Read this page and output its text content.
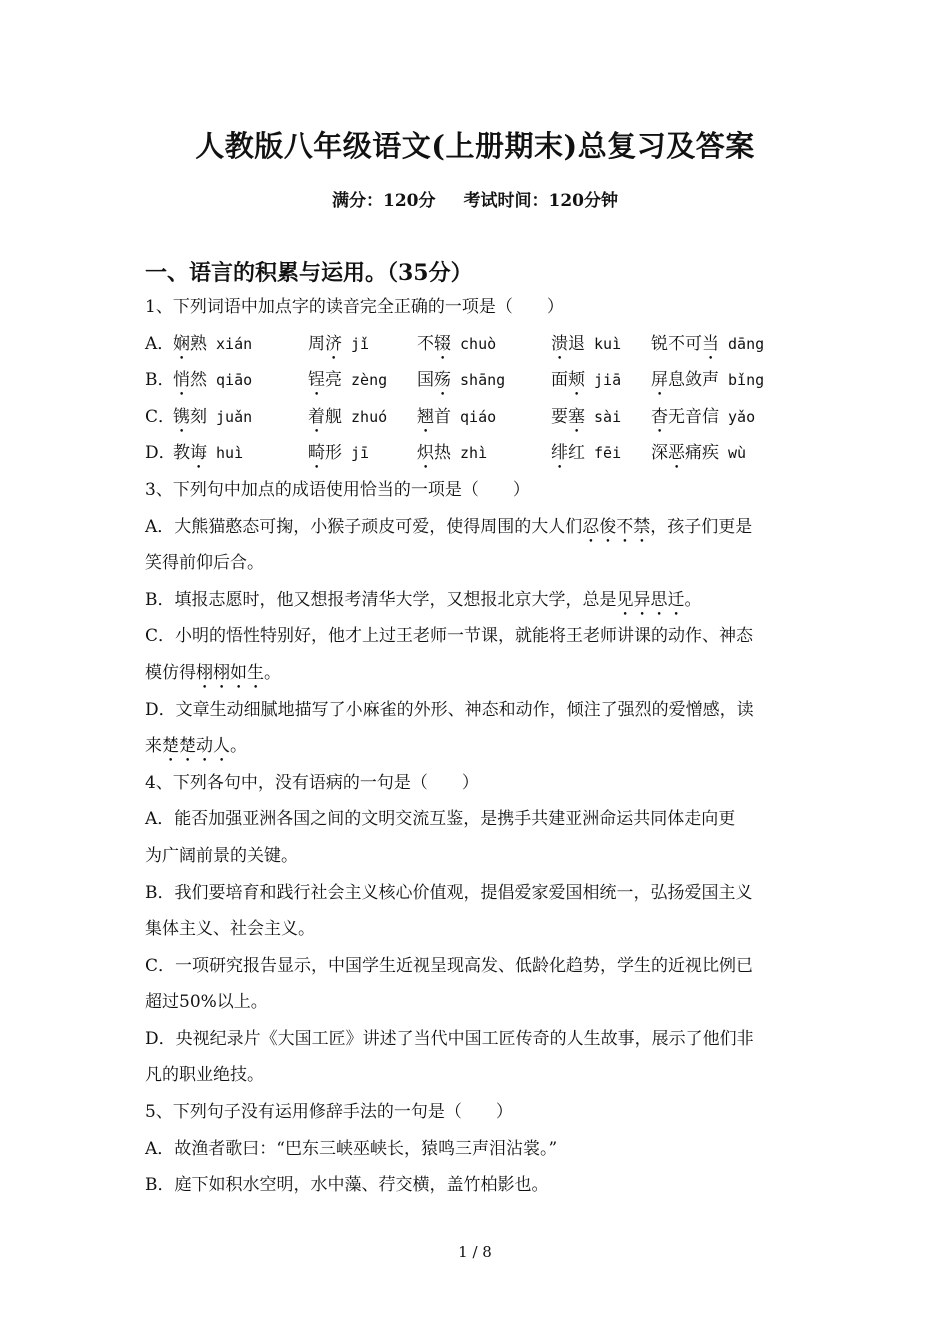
人教版八年级语文(上册期末)总复习及答案
满分：120分 考试时间：120分钟
一、语言的积累与运用。（35分）
1、下列词语中加点字的读音完全正确的一项是（　　）
A．
娴熟 xián	周济 jǐ	不辍 chuò	溃退 kuì 锐不可当 dāng
B．
悄然 qiāo	锃亮 zèng 国殇 shāng	面颊 jiā 屏息敛声 bǐng
C．
镌刻 juǎn	着舰 zhuó 翘首 qiáo	要塞 sài 杳无音信 yǎo
D．
教诲 huì	畸形 jī	炽热 zhì	绯红 fēi 深恶痛疾 wù
3、下列句中加点的成语使用恰当的一项是（　　）
A．大熊猫憨态可掬，小猴子顽皮可爱，使得周围的大人们忍俊不禁，孩子们更是
笑得前仰后合。
B．填报志愿时，他又想报考清华大学，又想报北京大学，总是见异思迁。
C．小明的悟性特别好，他才上过王老师一节课，就能将王老师讲课的动作、神态
模仿得栩栩如生。
D．文章生动细腻地描写了小麻雀的外形、神态和动作，倾注了强烈的爱憎感，读
来楚楚动人。
4、下列各句中，没有语病的一句是（　　）
A．能否加强亚洲各国之间的文明交流互鉴，是携手共建亚洲命运共同体走向更
为广阔前景的关键。
B．我们要培育和践行社会主义核心价值观，提倡爱家爱国相统一，弘扬爱国主义
集体主义、社会主义。
C．一项研究报告显示，中国学生近视呈现高发、低龄化趋势，学生的近视比例已
超过50%以上。
D．央视纪录片《大国工匠》讲述了当代中国工匠传奇的人生故事，展示了他们非
凡的职业绝技。
5、下列句子没有运用修辞手法的一句是（　　）
A．故渔者歌曰：“巴东三峡巫峡长，猿鸣三声泪沾裳。”
B．庭下如积水空明，水中藻、荇交横，盖竹柏影也。
1 / 8
